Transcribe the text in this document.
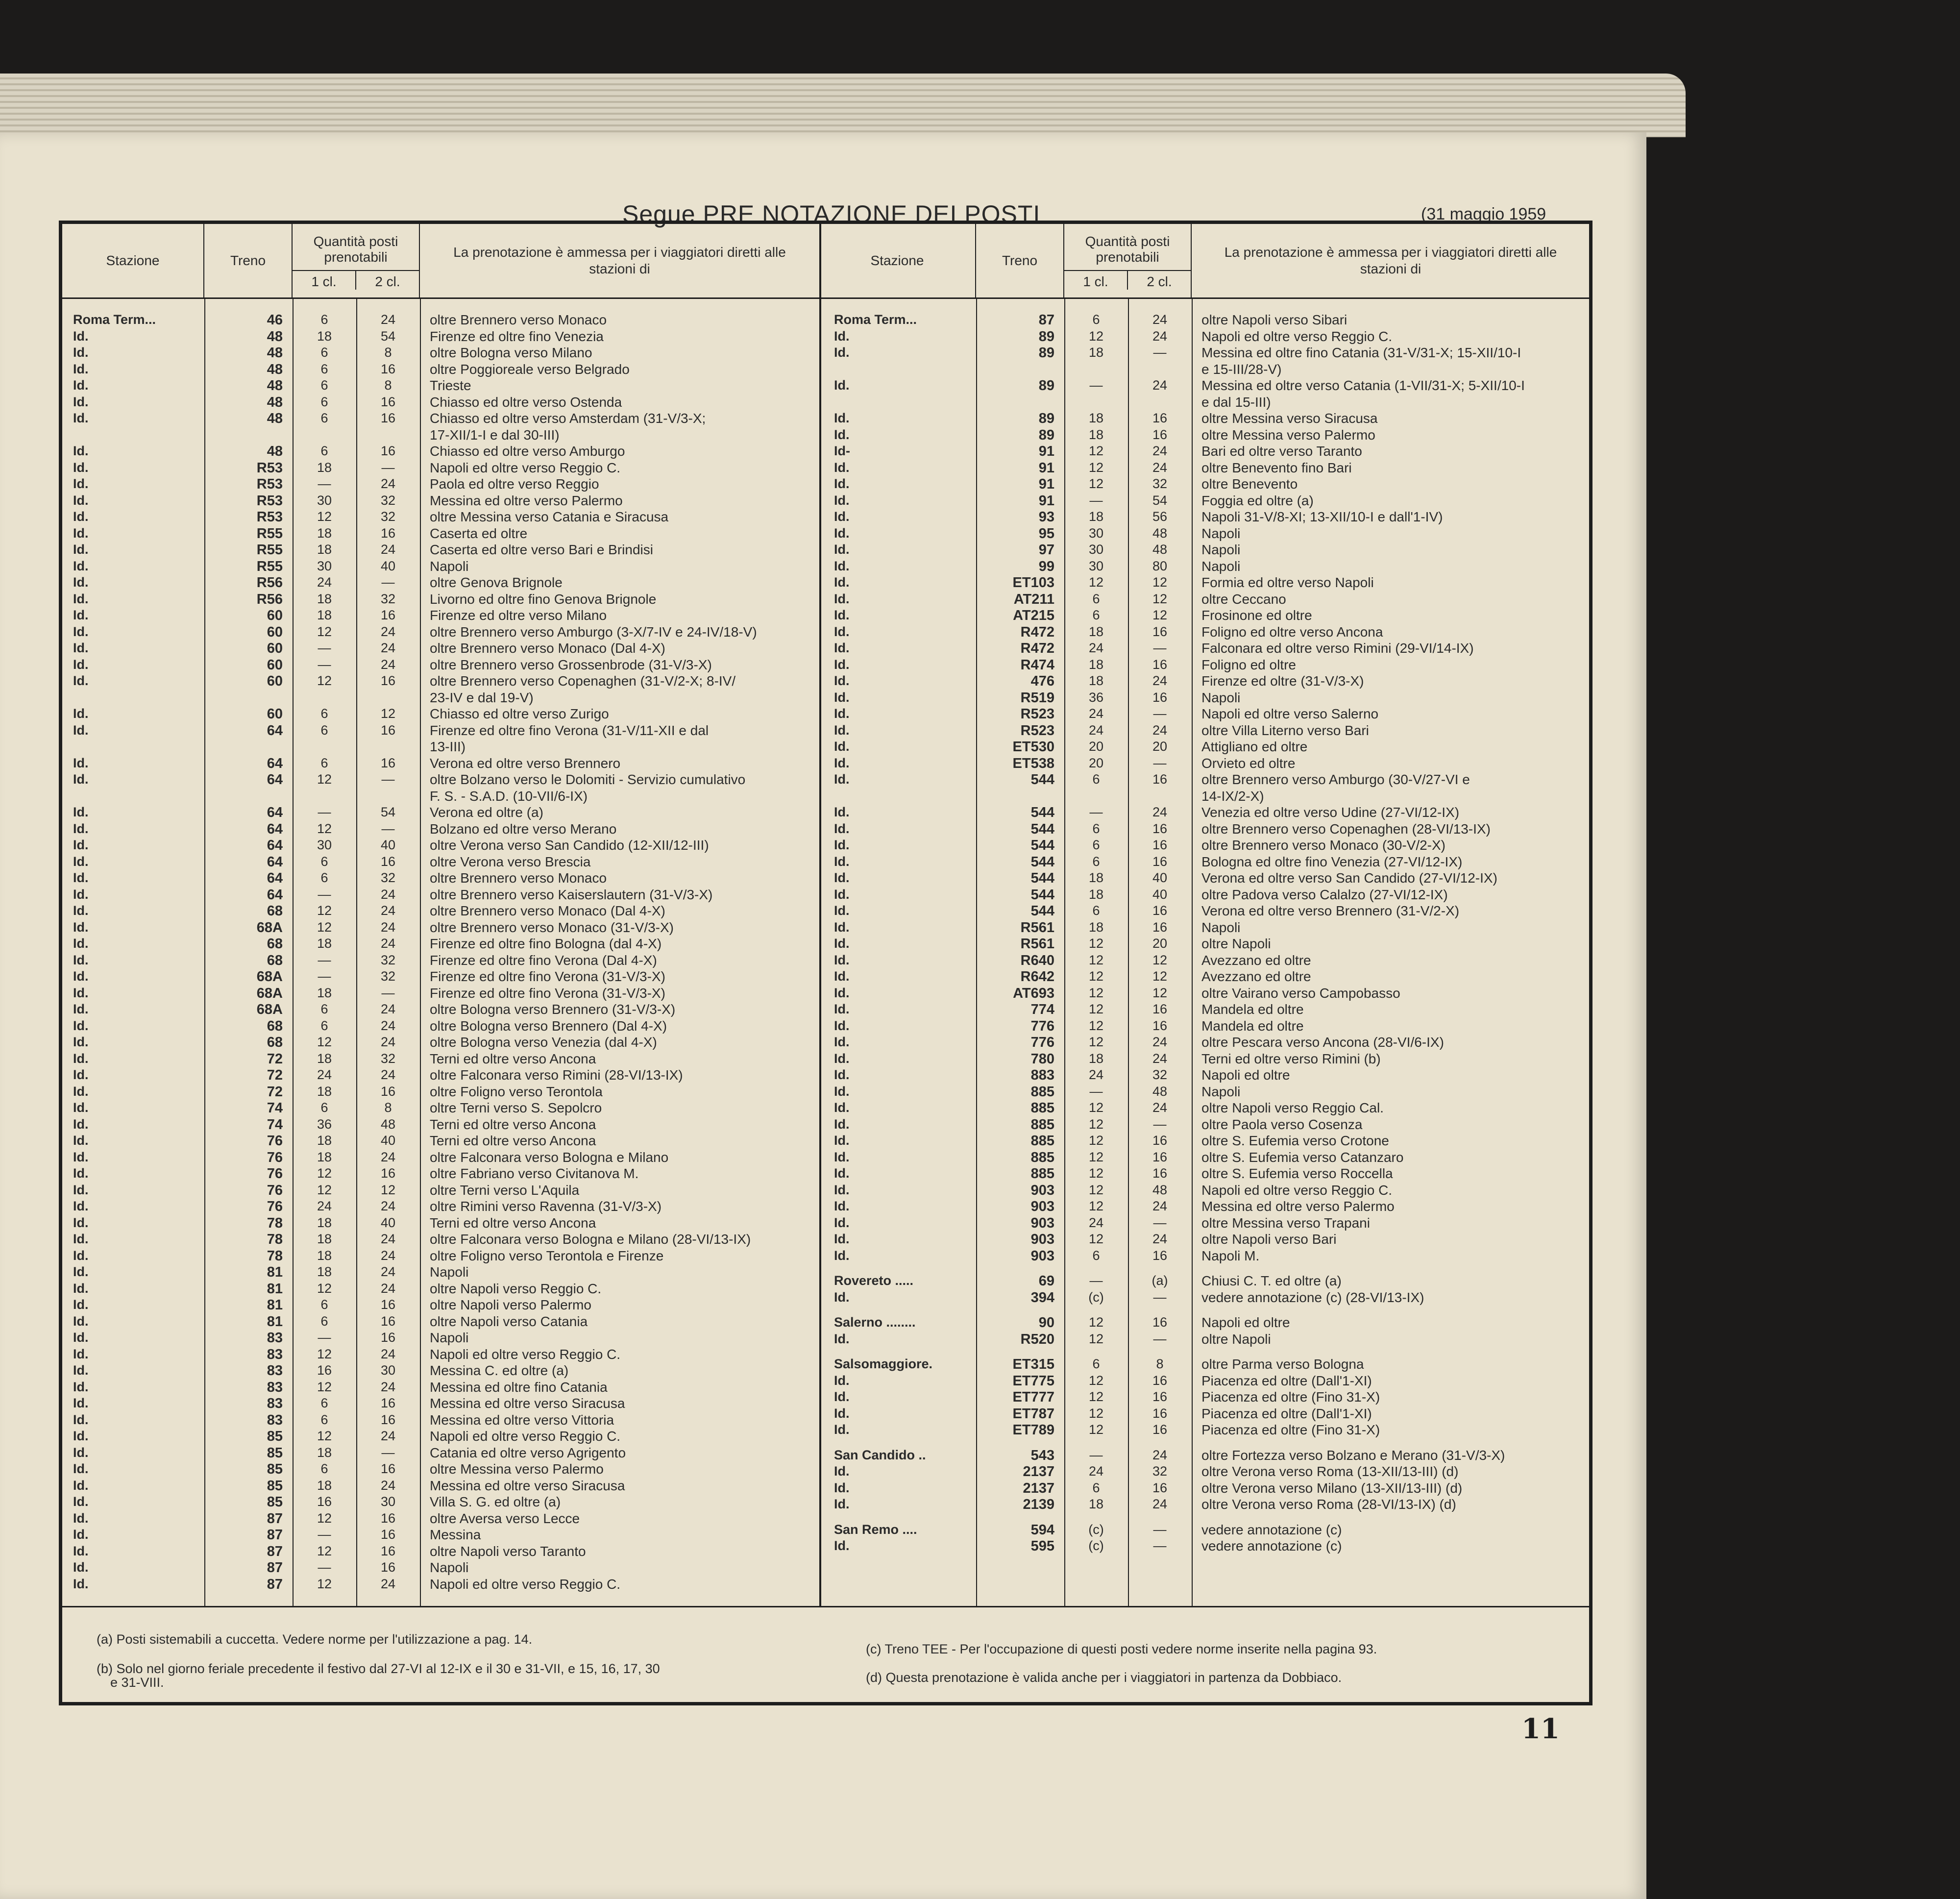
Segue PRE NOTAZIONE DEI POSTI	(31 maggio 1959
Stazione	Treno
Quantità posti prenotabili
1 cl.	2 cl.
La prenotazione è ammessa per i viaggiatori diretti alle stazioni di
Roma Term...	46	6	24	oltre Brennero verso Monaco
Id.	48	18	54	Firenze ed oltre fino Venezia
Id.	48	6	8	oltre Bologna verso Milano
Id.	48	6	16	oltre Poggioreale verso Belgrado
Id.	48	6	8	Trieste
Id.	48	6	16	Chiasso ed oltre verso Ostenda
Id.	48	6	16	Chiasso ed oltre verso Amsterdam (31-V/3-X;
17-XII/1-I e dal 30-III)
Id.	48	6	16	Chiasso ed oltre verso Amburgo
Id.	R53	18	—	Napoli ed oltre verso Reggio C.
Id.	R53	—	24	Paola ed oltre verso Reggio
Id.	R53	30	32	Messina ed oltre verso Palermo
Id.	R53	12	32	oltre Messina verso Catania e Siracusa
Id.	R55	18	16	Caserta ed oltre
Id.	R55	18	24	Caserta ed oltre verso Bari e Brindisi
Id.	R55	30	40	Napoli
Id.	R56	24	—	oltre Genova Brignole
Id.	R56	18	32	Livorno ed oltre fino Genova Brignole
Id.	60	18	16	Firenze ed oltre verso Milano
Id.	60	12	24	oltre Brennero verso Amburgo (3-X/7-IV e 24-IV/18-V)
Id.	60	—	24	oltre Brennero verso Monaco (Dal 4-X)
Id.	60	—	24	oltre Brennero verso Grossenbrode (31-V/3-X)
Id.	60	12	16	oltre Brennero verso Copenaghen (31-V/2-X; 8-IV/
23-IV e dal 19-V)
Id.	60	6	12	Chiasso ed oltre verso Zurigo
Id.	64	6	16	Firenze ed oltre fino Verona (31-V/11-XII e dal
13-III)
Id.	64	6	16	Verona ed oltre verso Brennero
Id.	64	12	—	oltre Bolzano verso le Dolomiti - Servizio cumulativo
F. S. - S.A.D. (10-VII/6-IX)
Id.	64	—	54	Verona ed oltre (a)
Id.	64	12	—	Bolzano ed oltre verso Merano
Id.	64	30	40	oltre Verona verso San Candido (12-XII/12-III)
Id.	64	6	16	oltre Verona verso Brescia
Id.	64	6	32	oltre Brennero verso Monaco
Id.	64	—	24	oltre Brennero verso Kaiserslautern (31-V/3-X)
Id.	68	12	24	oltre Brennero verso Monaco (Dal 4-X)
Id.	68A	12	24	oltre Brennero verso Monaco (31-V/3-X)
Id.	68	18	24	Firenze ed oltre fino Bologna (dal 4-X)
Id.	68	—	32	Firenze ed oltre fino Verona (Dal 4-X)
Id.	68A	—	32	Firenze ed oltre fino Verona (31-V/3-X)
Id.	68A	18	—	Firenze ed oltre fino Verona (31-V/3-X)
Id.	68A	6	24	oltre Bologna verso Brennero (31-V/3-X)
Id.	68	6	24	oltre Bologna verso Brennero (Dal 4-X)
Id.	68	12	24	oltre Bologna verso Venezia (dal 4-X)
Id.	72	18	32	Terni ed oltre verso Ancona
Id.	72	24	24	oltre Falconara verso Rimini (28-VI/13-IX)
Id.	72	18	16	oltre Foligno verso Terontola
Id.	74	6	8	oltre Terni verso S. Sepolcro
Id.	74	36	48	Terni ed oltre verso Ancona
Id.	76	18	40	Terni ed oltre verso Ancona
Id.	76	18	24	oltre Falconara verso Bologna e Milano
Id.	76	12	16	oltre Fabriano verso Civitanova M.
Id.	76	12	12	oltre Terni verso L'Aquila
Id.	76	24	24	oltre Rimini verso Ravenna (31-V/3-X)
Id.	78	18	40	Terni ed oltre verso Ancona
Id.	78	18	24	oltre Falconara verso Bologna e Milano (28-VI/13-IX)
Id.	78	18	24	oltre Foligno verso Terontola e Firenze
Id.	81	18	24	Napoli
Id.	81	12	24	oltre Napoli verso Reggio C.
Id.	81	6	16	oltre Napoli verso Palermo
Id.	81	6	16	oltre Napoli verso Catania
Id.	83	—	16	Napoli
Id.	83	12	24	Napoli ed oltre verso Reggio C.
Id.	83	16	30	Messina C. ed oltre (a)
Id.	83	12	24	Messina ed oltre fino Catania
Id.	83	6	16	Messina ed oltre verso Siracusa
Id.	83	6	16	Messina ed oltre verso Vittoria
Id.	85	12	24	Napoli ed oltre verso Reggio C.
Id.	85	18	—	Catania ed oltre verso Agrigento
Id.	85	6	16	oltre Messina verso Palermo
Id.	85	18	24	Messina ed oltre verso Siracusa
Id.	85	16	30	Villa S. G. ed oltre (a)
Id.	87	12	16	oltre Aversa verso Lecce
Id.	87	—	16	Messina
Id.	87	12	16	oltre Napoli verso Taranto
Id.	87	—	16	Napoli
Id.	87	12	24	Napoli ed oltre verso Reggio C.
Stazione	Treno
Quantità posti prenotabili
1 cl.	2 cl.
La prenotazione è ammessa per i viaggiatori diretti alle stazioni di
Roma Term...	87	6	24	oltre Napoli verso Sibari
Id.	89	12	24	Napoli ed oltre verso Reggio C.
Id.	89	18	—	Messina ed oltre fino Catania (31-V/31-X; 15-XII/10-I
e 15-III/28-V)
Id.	89	—	24	Messina ed oltre verso Catania (1-VII/31-X; 5-XII/10-I
e dal 15-III)
Id.	89	18	16	oltre Messina verso Siracusa
Id.	89	18	16	oltre Messina verso Palermo
Id-	91	12	24	Bari ed oltre verso Taranto
Id.	91	12	24	oltre Benevento fino Bari
Id.	91	12	32	oltre Benevento
Id.	91	—	54	Foggia ed oltre (a)
Id.	93	18	56	Napoli 31-V/8-XI; 13-XII/10-I e dall'1-IV)
Id.	95	30	48	Napoli
Id.	97	30	48	Napoli
Id.	99	30	80	Napoli
Id.	ET103	12	12	Formia ed oltre verso Napoli
Id.	AT211	6	12	oltre Ceccano
Id.	AT215	6	12	Frosinone ed oltre
Id.	R472	18	16	Foligno ed oltre verso Ancona
Id.	R472	24	—	Falconara ed oltre verso Rimini (29-VI/14-IX)
Id.	R474	18	16	Foligno ed oltre
Id.	476	18	24	Firenze ed oltre (31-V/3-X)
Id.	R519	36	16	Napoli
Id.	R523	24	—	Napoli ed oltre verso Salerno
Id.	R523	24	24	oltre Villa Literno verso Bari
Id.	ET530	20	20	Attigliano ed oltre
Id.	ET538	20	—	Orvieto ed oltre
Id.	544	6	16	oltre Brennero verso Amburgo (30-V/27-VI e
14-IX/2-X)
Id.	544	—	24	Venezia ed oltre verso Udine (27-VI/12-IX)
Id.	544	6	16	oltre Brennero verso Copenaghen (28-VI/13-IX)
Id.	544	6	16	oltre Brennero verso Monaco (30-V/2-X)
Id.	544	6	16	Bologna ed oltre fino Venezia (27-VI/12-IX)
Id.	544	18	40	Verona ed oltre verso San Candido (27-VI/12-IX)
Id.	544	18	40	oltre Padova verso Calalzo (27-VI/12-IX)
Id.	544	6	16	Verona ed oltre verso Brennero (31-V/2-X)
Id.	R561	18	16	Napoli
Id.	R561	12	20	oltre Napoli
Id.	R640	12	12	Avezzano ed oltre
Id.	R642	12	12	Avezzano ed oltre
Id.	AT693	12	12	oltre Vairano verso Campobasso
Id.	774	12	16	Mandela ed oltre
Id.	776	12	16	Mandela ed oltre
Id.	776	12	24	oltre Pescara verso Ancona (28-VI/6-IX)
Id.	780	18	24	Terni ed oltre verso Rimini (b)
Id.	883	24	32	Napoli ed oltre
Id.	885	—	48	Napoli
Id.	885	12	24	oltre Napoli verso Reggio Cal.
Id.	885	12	—	oltre Paola verso Cosenza
Id.	885	12	16	oltre S. Eufemia verso Crotone
Id.	885	12	16	oltre S. Eufemia verso Catanzaro
Id.	885	12	16	oltre S. Eufemia verso Roccella
Id.	903	12	48	Napoli ed oltre verso Reggio C.
Id.	903	12	24	Messina ed oltre verso Palermo
Id.	903	24	—	oltre Messina verso Trapani
Id.	903	12	24	oltre Napoli verso Bari
Id.	903	6	16	Napoli M.
Rovereto .....	69	—	(a)	Chiusi C. T. ed oltre (a)
Id.	394	(c)	—	vedere annotazione (c) (28-VI/13-IX)
Salerno ........	90	12	16	Napoli ed oltre
Id.	R520	12	—	oltre Napoli
Salsomaggiore.	ET315	6	8	oltre Parma verso Bologna
Id.	ET775	12	16	Piacenza ed oltre (Dall'1-XI)
Id.	ET777	12	16	Piacenza ed oltre (Fino 31-X)
Id.	ET787	12	16	Piacenza ed oltre (Dall'1-XI)
Id.	ET789	12	16	Piacenza ed oltre (Fino 31-X)
San Candido ..	543	—	24	oltre Fortezza verso Bolzano e Merano (31-V/3-X)
Id.	2137	24	32	oltre Verona verso Roma (13-XII/13-III) (d)
Id.	2137	6	16	oltre Verona verso Milano (13-XII/13-III) (d)
Id.	2139	18	24	oltre Verona verso Roma (28-VI/13-IX) (d)
San Remo ....	594	(c)	—	vedere annotazione (c)
Id.	595	(c)	—	vedere annotazione (c)
(a) Posti sistemabili a cuccetta. Vedere norme per l'utilizzazione a pag. 14.
(b) Solo nel giorno feriale precedente il festivo dal 27-VI al 12-IX e il 30 e 31-VII, e 15, 16, 17, 30
e 31-VIII.
(c) Treno TEE - Per l'occupazione di questi posti vedere norme inserite nella pagina 93.
(d) Questa prenotazione è valida anche per i viaggiatori in partenza da Dobbiaco.
11
